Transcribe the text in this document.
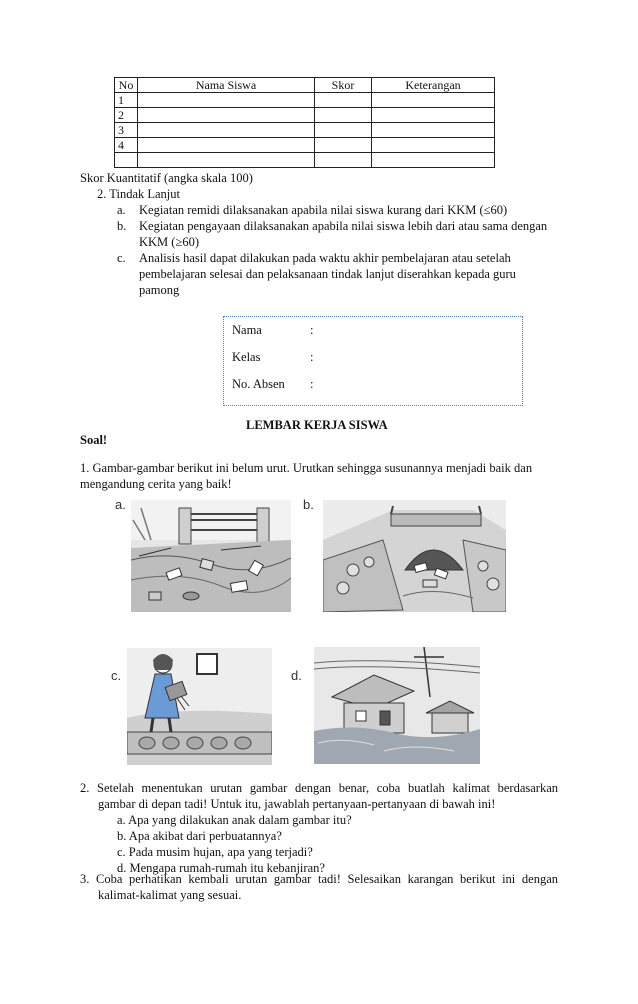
No	Nama Siswa	Skor	Keterangan
1			
2			
3			
4			

Skor Kuantitatif (angka skala 100)
2. Tindak Lanjut
a. Kegiatan remidi dilaksanakan apabila nilai siswa kurang dari KKM (≤60)
b. Kegiatan pengayaan dilaksanakan apabila nilai siswa lebih dari atau sama dengan
KKM (≥60)
c. Analisis hasil dapat dilakukan pada waktu akhir pembelajaran atau setelah
pembelajaran selesai dan pelaksanaan tindak lanjut diserahkan kepada guru
pamong
Nama	:
Kelas	:
No. Absen :
LEMBAR KERJA SISWA
Soal!
1. Gambar-gambar berikut ini belum urut. Urutkan sehingga susunannya menjadi baik dan
mengandung cerita yang baik!
a.	b.
c.	d.
2. Setelah menentukan urutan gambar dengan benar, coba buatlah kalimat berdasarkan
gambar di depan tadi! Untuk itu, jawablah pertanyaan-pertanyaan di bawah ini!
a. Apa yang dilakukan anak dalam gambar itu?
b. Apa akibat dari perbuatannya?
c. Pada musim hujan, apa yang terjadi?
d. Mengapa rumah-rumah itu kebanjiran?
3. Coba perhatikan kembali urutan gambar tadi! Selesaikan karangan berikut ini dengan
kalimat-kalimat yang sesuai.
